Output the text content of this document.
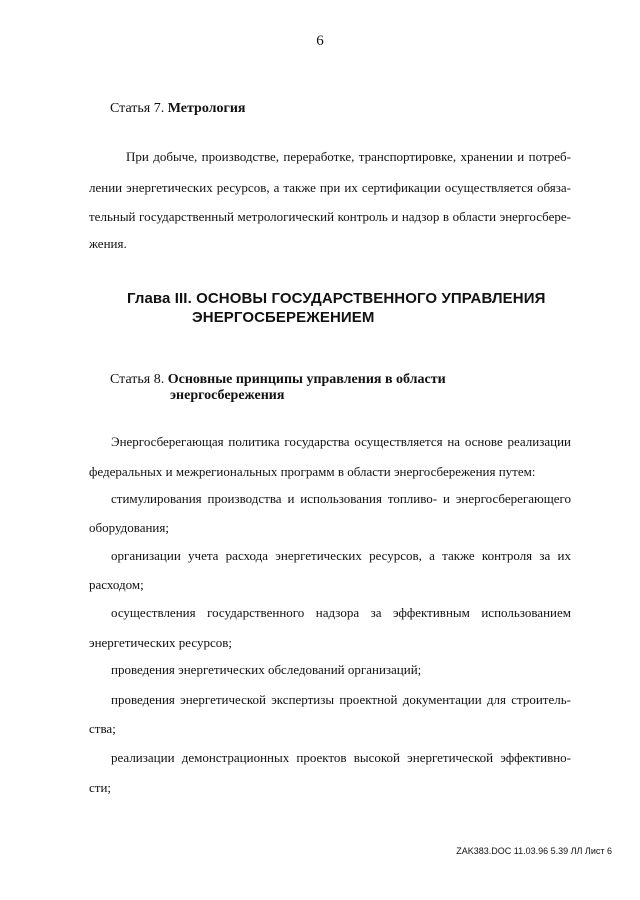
6
Статья 7. Метрология
При добыче, производстве, переработке, транспортировке, хранении и потреб-
лении энергетических ресурсов, а также при их сертификации осуществляется обяза-
тельный государственный метрологический контроль и надзор в области энергосбере-
жения.
Глава III. ОСНОВЫ ГОСУДАРСТВЕННОГО УПРАВЛЕНИЯ
ЭНЕРГОСБЕРЕЖЕНИЕМ
Статья 8. Основные принципы управления в области
энергосбережения
Энергосберегающая политика государства осуществляется на основе реализации
федеральных и межрегиональных программ в области энергосбережения путем:
стимулирования производства и использования топливо- и энергосберегающего
оборудования;
организации учета расхода энергетических ресурсов, а также контроля за их
расходом;
осуществления государственного надзора за эффективным использованием
энергетических ресурсов;
проведения энергетических обследований организаций;
проведения энергетической экспертизы проектной документации для строитель-
ства;
реализации демонстрационных проектов высокой энергетической эффективно-
сти;
ZAK383.DOC 11.03.96 5.39 ЛЛ Лист 6
